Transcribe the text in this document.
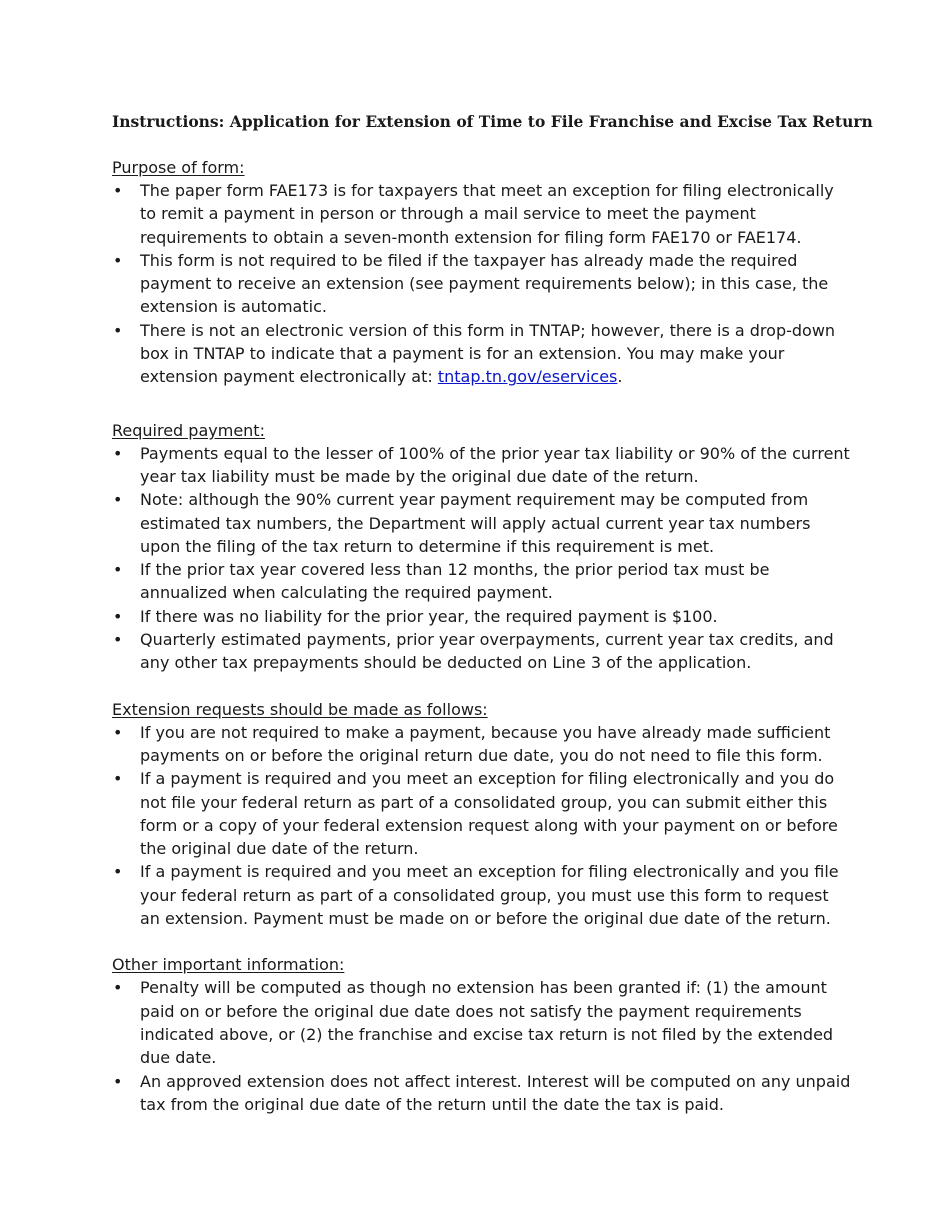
Instructions: Application for Extension of Time to File Franchise and Excise Tax Return

Purpose of form:

• The paper form FAE173 is for taxpayers that meet an exception for filing electronically to remit a payment in person or through a mail service to meet the payment requirements to obtain a seven-month extension for filing form FAE170 or FAE174.
• This form is not required to be filed if the taxpayer has already made the required payment to receive an extension (see payment requirements below); in this case, the extension is automatic.
• There is not an electronic version of this form in TNTAP; however, there is a drop-down box in TNTAP to indicate that a payment is for an extension. You may make your extension payment electronically at: tntap.tn.gov/eservices.

Required payment:

• Payments equal to the lesser of 100% of the prior year tax liability or 90% of the current year tax liability must be made by the original due date of the return.
• Note: although the 90% current year payment requirement may be computed from estimated tax numbers, the Department will apply actual current year tax numbers upon the filing of the tax return to determine if this requirement is met.
• If the prior tax year covered less than 12 months, the prior period tax must be annualized when calculating the required payment.
• If there was no liability for the prior year, the required payment is $100.
• Quarterly estimated payments, prior year overpayments, current year tax credits, and any other tax prepayments should be deducted on Line 3 of the application.

Extension requests should be made as follows:

• If you are not required to make a payment, because you have already made sufficient payments on or before the original return due date, you do not need to file this form.
• If a payment is required and you meet an exception for filing electronically and you do not file your federal return as part of a consolidated group, you can submit either this form or a copy of your federal extension request along with your payment on or before the original due date of the return.
• If a payment is required and you meet an exception for filing electronically and you file your federal return as part of a consolidated group, you must use this form to request an extension. Payment must be made on or before the original due date of the return.

Other important information:

• Penalty will be computed as though no extension has been granted if: (1) the amount paid on or before the original due date does not satisfy the payment requirements indicated above, or (2) the franchise and excise tax return is not filed by the extended due date.
• An approved extension does not affect interest. Interest will be computed on any unpaid tax from the original due date of the return until the date the tax is paid.
